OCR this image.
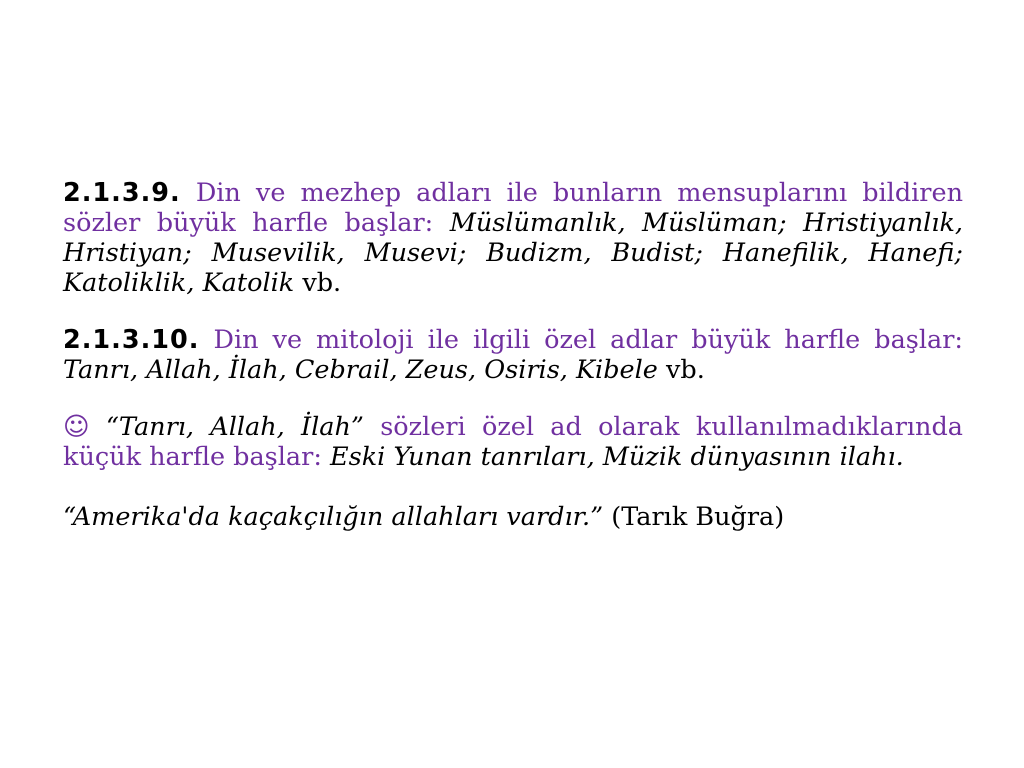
2.1.3.9. Din ve mezhep adları ile bunların mensuplarını bildiren sözler büyük harfle başlar: Müslümanlık, Müslüman; Hristiyanlık, Hristiyan; Musevilik, Musevi; Budizm, Budist; Hanefilik, Hanefi; Katoliklik, Katolik vb.

2.1.3.10. Din ve mitoloji ile ilgili özel adlar büyük harfle başlar: Tanrı, Allah, İlah, Cebrail, Zeus, Osiris, Kibele vb.

☺ “Tanrı, Allah, İlah” sözleri özel ad olarak kullanılmadıklarında küçük harfle başlar: Eski Yunan tanrıları, Müzik dünyasının ilahı.

“Amerika'da kaçakçılığın allahları vardır.” (Tarık Buğra)
